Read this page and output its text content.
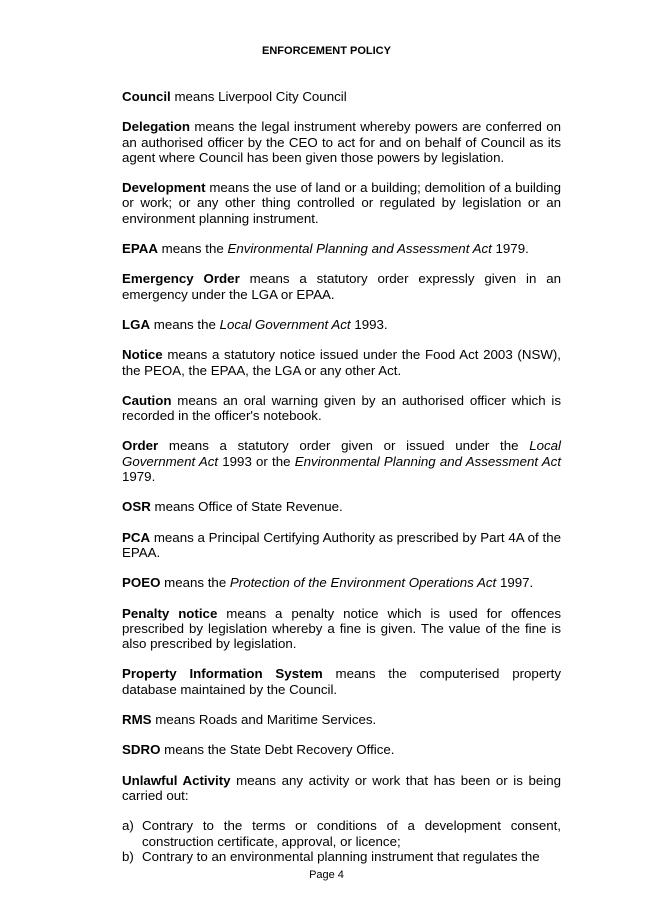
ENFORCEMENT POLICY

Council means Liverpool City Council

Delegation means the legal instrument whereby powers are conferred on an authorised officer by the CEO to act for and on behalf of Council as its agent where Council has been given those powers by legislation.

Development means the use of land or a building; demolition of a building or work; or any other thing controlled or regulated by legislation or an environment planning instrument.

EPAA means the Environmental Planning and Assessment Act 1979.

Emergency Order means a statutory order expressly given in an emergency under the LGA or EPAA.

LGA means the Local Government Act 1993.

Notice means a statutory notice issued under the Food Act 2003 (NSW), the PEOA, the EPAA, the LGA or any other Act.

Caution means an oral warning given by an authorised officer which is recorded in the officer's notebook.

Order means a statutory order given or issued under the Local Government Act 1993 or the Environmental Planning and Assessment Act 1979.

OSR means Office of State Revenue.

PCA means a Principal Certifying Authority as prescribed by Part 4A of the EPAA.

POEO means the Protection of the Environment Operations Act 1997.

Penalty notice means a penalty notice which is used for offences prescribed by legislation whereby a fine is given. The value of the fine is also prescribed by legislation.

Property Information System means the computerised property database maintained by the Council.

RMS means Roads and Maritime Services.

SDRO means the State Debt Recovery Office.

Unlawful Activity means any activity or work that has been or is being carried out:

a) Contrary to the terms or conditions of a development consent, construction certificate, approval, or licence;
b) Contrary to an environmental planning instrument that regulates the
Page 4
